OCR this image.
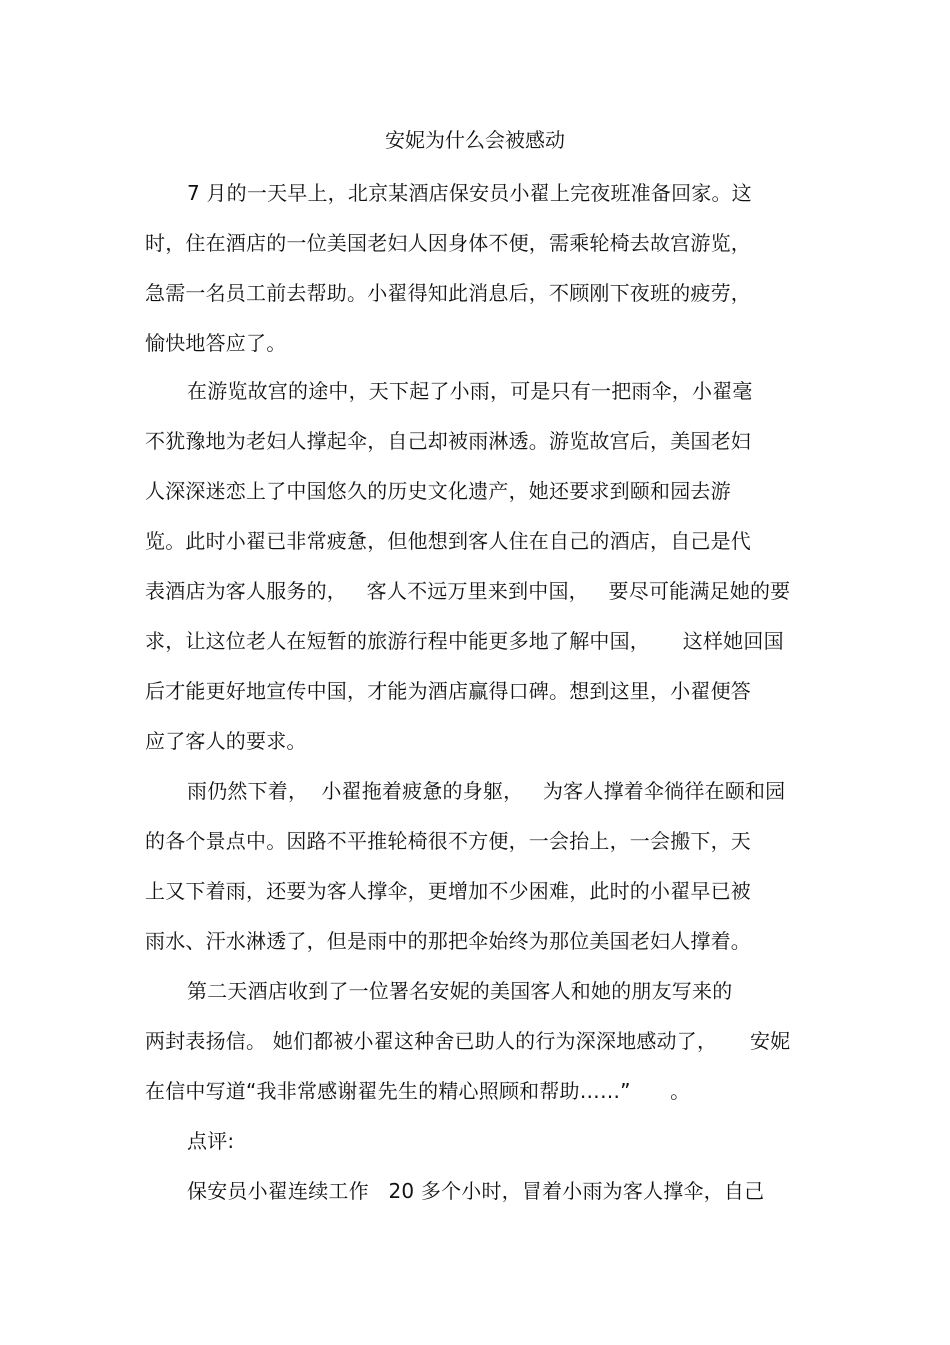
安妮为什么会被感动
7 月的一天早上，北京某酒店保安员小翟上完夜班准备回家。这
时，住在酒店的一位美国老妇人因身体不便，需乘轮椅去故宫游览，
急需一名员工前去帮助。小翟得知此消息后，不顾刚下夜班的疲劳，
愉快地答应了。
在游览故宫的途中，天下起了小雨，可是只有一把雨伞，小翟毫
不犹豫地为老妇人撑起伞，自己却被雨淋透。游览故宫后，美国老妇
人深深迷恋上了中国悠久的历史文化遗产，她还要求到颐和园去游
览。此时小翟已非常疲惫，但他想到客人住在自己的酒店，自己是代
表酒店为客人服务的，   客人不远万里来到中国，   要尽可能满足她的要
求，让这位老人在短暂的旅游行程中能更多地了解中国，     这样她回国
后才能更好地宣传中国，才能为酒店赢得口碑。想到这里，小翟便答
应了客人的要求。
雨仍然下着，  小翟拖着疲惫的身躯，   为客人撑着伞徜徉在颐和园
的各个景点中。因路不平推轮椅很不方便，一会抬上，一会搬下，天
上又下着雨，还要为客人撑伞，更增加不少困难，此时的小翟早已被
雨水、汗水淋透了，但是雨中的那把伞始终为那位美国老妇人撑着。
第二天酒店收到了一位署名安妮的美国客人和她的朋友写来的
两封表扬信。 她们都被小翟这种舍已助人的行为深深地感动了，     安妮
在信中写道“我非常感谢翟先生的精心照顾和帮助……”      。
点评:
保安员小翟连续工作   20 多个小时，冒着小雨为客人撑伞，自己
